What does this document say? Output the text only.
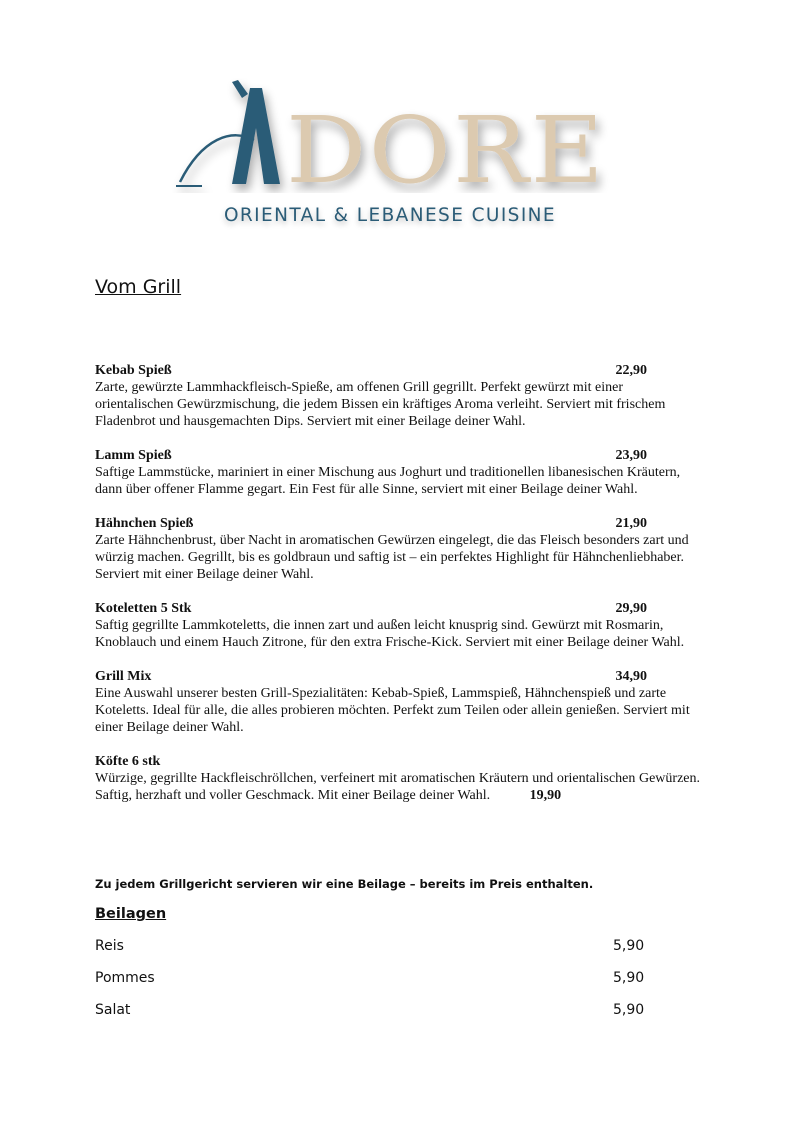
DORE
ORIENTAL & LEBANESE CUISINE
Vom Grill
Kebab Spieß	22,90

Zarte, gewürzte Lammhackfleisch-Spieße, am offenen Grill gegrillt. Perfekt gewürzt mit einer orientalischen Gewürzmischung, die jedem Bissen ein kräftiges Aroma verleiht. Serviert mit frischem Fladenbrot und hausgemachten Dips. Serviert mit einer Beilage deiner Wahl.

Lamm Spieß	23,90

Saftige Lammstücke, mariniert in einer Mischung aus Joghurt und traditionellen libanesischen Kräutern, dann über offener Flamme gegart. Ein Fest für alle Sinne, serviert mit einer Beilage deiner Wahl.

Hähnchen Spieß	21,90

Zarte Hähnchenbrust, über Nacht in aromatischen Gewürzen eingelegt, die das Fleisch besonders zart und würzig machen. Gegrillt, bis es goldbraun und saftig ist – ein perfektes Highlight für Hähnchenliebhaber. Serviert mit einer Beilage deiner Wahl.

Koteletten 5 Stk	29,90

Saftig gegrillte Lammkoteletts, die innen zart und außen leicht knusprig sind. Gewürzt mit Rosmarin, Knoblauch und einem Hauch Zitrone, für den extra Frische-Kick. Serviert mit einer Beilage deiner Wahl.

Grill Mix	34,90

Eine Auswahl unserer besten Grill-Spezialitäten: Kebab-Spieß, Lammspieß, Hähnchenspieß und zarte Koteletts. Ideal für alle, die alles probieren möchten. Perfekt zum Teilen oder allein genießen. Serviert mit einer Beilage deiner Wahl.

Köfte 6 stk

Würzige, gegrillte Hackfleischröllchen, verfeinert mit aromatischen Kräutern und orientalischen Gewürzen. Saftig, herzhaft und voller Geschmack. Mit einer Beilage deiner Wahl.	19,90

Zu jedem Grillgericht servieren wir eine Beilage – bereits im Preis enthalten.

Beilagen
Reis	5,90
Pommes	5,90
Salat	5,90
